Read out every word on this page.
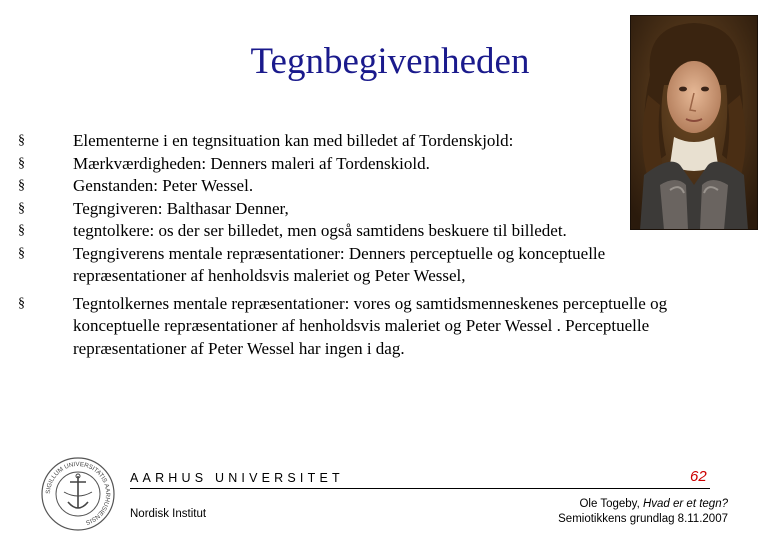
Tegnbegivenheden
§	Elementerne i en tegnsituation kan med billedet af Tordenskjold:
§	Mærkværdigheden: Denners maleri af Tordenskiold.
§	Genstanden: Peter Wessel.
§	Tegngiveren: Balthasar Denner,
§	tegntolkere: os der ser billedet, men også samtidens beskuere til billedet.
§	Tegngiverens mentale repræsentationer: Denners perceptuelle og konceptuelle repræsentationer af henholdsvis maleriet og Peter Wessel,
§	Tegntolkernes mentale repræsentationer: vores og samtidsmenneskenes perceptuelle og konceptuelle repræsentationer af henholdsvis maleriet og Peter Wessel . Perceptuelle repræsentationer af Peter Wessel har ingen i dag.
SIGILLUM UNIVERSITATIS AARHUSIENSIS
AARHUS UNIVERSITET
Nordisk Institut
62
Ole Togeby, Hvad er et tegn?
Semiotikkens grundlag 8.11.2007
